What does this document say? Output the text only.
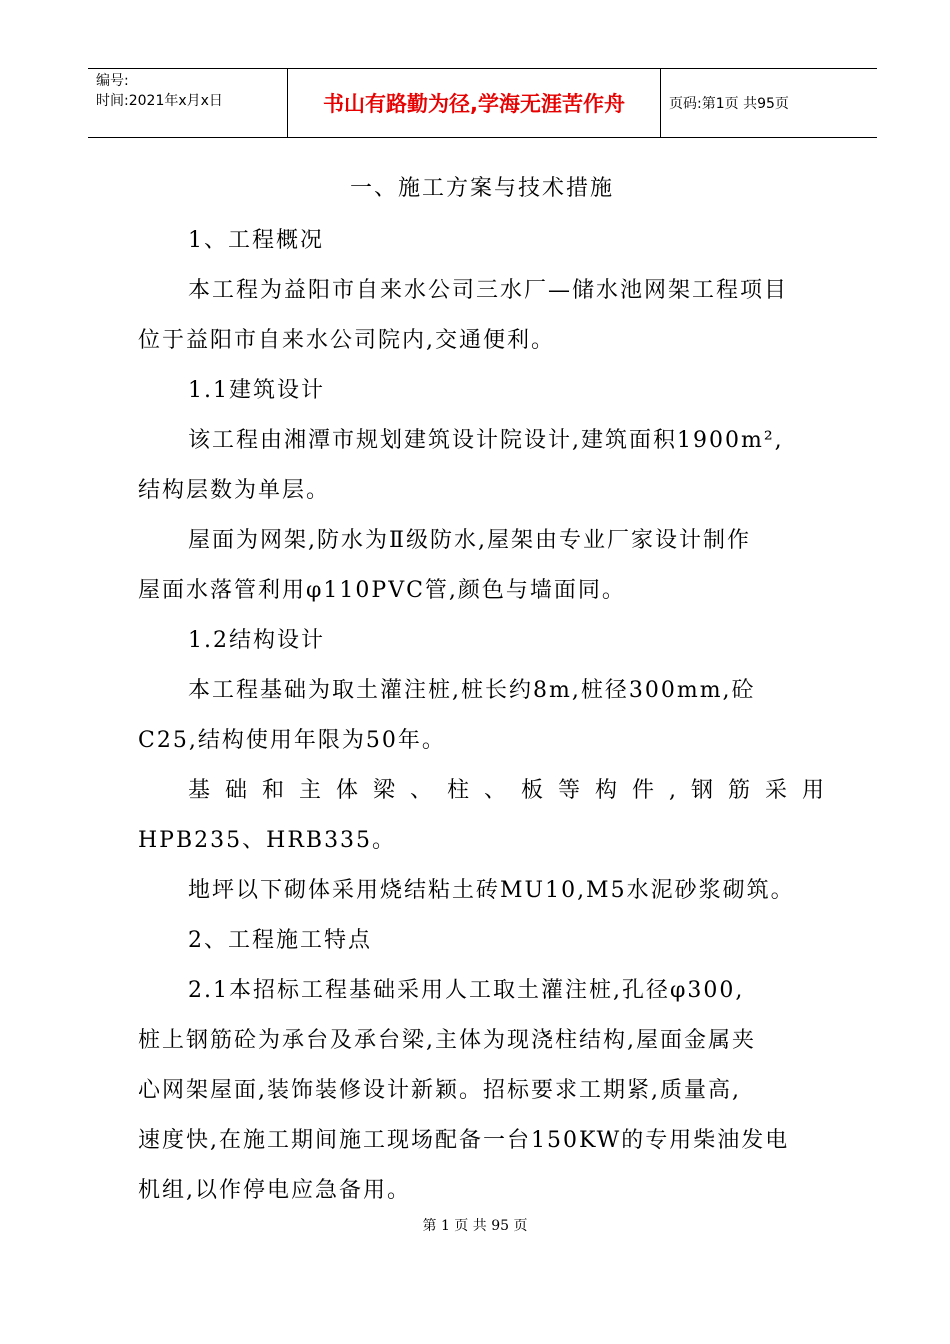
编号:
时间:2021年x月x日	书山有路勤为径,学海无涯苦作舟	页码:第1页 共95页
一、施工方案与技术措施
1、工程概况
本工程为益阳市自来水公司三水厂—储水池网架工程项目
位于益阳市自来水公司院内,交通便利。
1.1建筑设计
该工程由湘潭市规划建筑设计院设计,建筑面积1900m²,
结构层数为单层。
屋面为网架,防水为Ⅱ级防水,屋架由专业厂家设计制作
屋面水落管利用φ110PVC管,颜色与墙面同。
1.2结构设计
本工程基础为取土灌注桩,桩长约8m,桩径300mm,砼
C25,结构使用年限为50年。
基础和主体梁、柱、板等构件,钢筋采用
HPB235、HRB335。
地坪以下砌体采用烧结粘土砖MU10,M5水泥砂浆砌筑。
2、工程施工特点
2.1本招标工程基础采用人工取土灌注桩,孔径φ300,
桩上钢筋砼为承台及承台梁,主体为现浇柱结构,屋面金属夹
心网架屋面,装饰装修设计新颖。招标要求工期紧,质量高,
速度快,在施工期间施工现场配备一台150KW的专用柴油发电
机组,以作停电应急备用。
第 1 页 共 95 页
